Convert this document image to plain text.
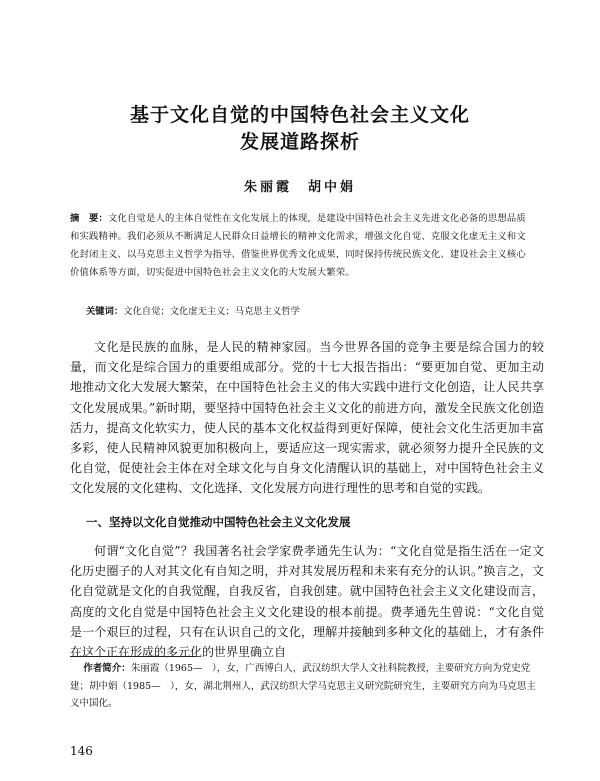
基于文化自觉的中国特色社会主义文化
发展道路探析
朱丽霞　胡中娟
摘　要：文化自觉是人的主体自觉性在文化发展上的体现，是建设中国特色社会主义先进文化必备的思想品质和实践精神。我们必须从不断满足人民群众日益增长的精神文化需求，增强文化自觉、克服文化虚无主义和文化封闭主义、以马克思主义哲学为指导、借鉴世界优秀文化成果，同时保持传统民族文化、建设社会主义核心价值体系等方面，切实促进中国特色社会主义文化的大发展大繁荣。
关键词：文化自觉；文化虚无主义；马克思主义哲学

文化是民族的血脉，是人民的精神家园。当今世界各国的竞争主要是综合国力的较量，而文化是综合国力的重要组成部分。党的十七大报告指出：“要更加自觉、更加主动地推动文化大发展大繁荣，在中国特色社会主义的伟大实践中进行文化创造，让人民共享文化发展成果。”新时期，要坚持中国特色社会主义文化的前进方向，激发全民族文化创造活力，提高文化软实力，使人民的基本文化权益得到更好保障，使社会文化生活更加丰富多彩，使人民精神风貌更加积极向上，要适应这一现实需求，就必须努力提升全民族的文化自觉，促使社会主体在对全球文化与自身文化清醒认识的基础上，对中国特色社会主义文化发展的文化建构、文化选择、文化发展方向进行理性的思考和自觉的实践。

一、坚持以文化自觉推动中国特色社会主义文化发展

何谓“文化自觉”？我国著名社会学家费孝通先生认为：“文化自觉是指生活在一定文化历史圈子的人对其文化有自知之明，并对其发展历程和未来有充分的认识。”换言之，文化自觉就是文化的自我觉醒，自我反省，自我创建。就中国特色社会主义文化建设而言，高度的文化自觉是中国特色社会主义文化建设的根本前提。费孝通先生曾说：“文化自觉是一个艰巨的过程，只有在认识自己的文化，理解并接触到多种文化的基础上，才有条件在这个正在形成的多元化的世界里确立自

作者简介：朱丽霞（1965—　），女，广西博白人，武汉纺织大学人文社科院教授，主要研究方向为党史党建；胡中娟（1985—　），女，湖北荆州人，武汉纺织大学马克思主义研究院研究生，主要研究方向为马克思主义中国化。

146
